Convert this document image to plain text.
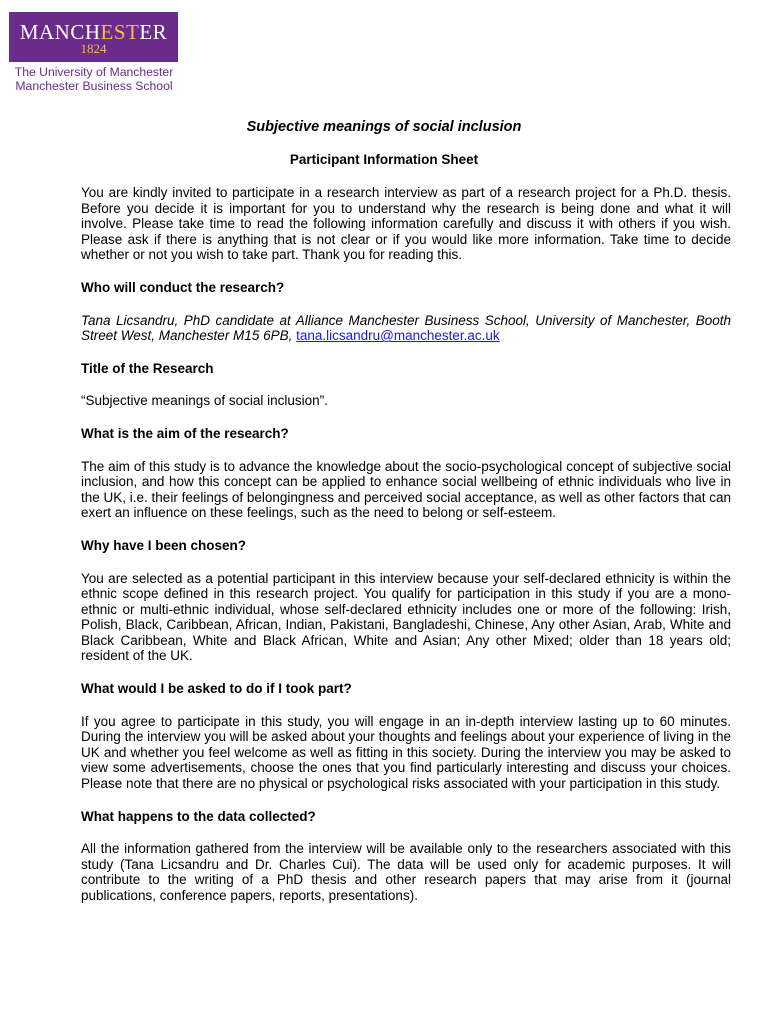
MANCHESTER
1824
The University of Manchester
Manchester Business School
Subjective meanings of social inclusion
Participant Information Sheet

You are kindly invited to participate in a research interview as part of a research project for a Ph.D. thesis. Before you decide it is important for you to understand why the research is being done and what it will involve. Please take time to read the following information carefully and discuss it with others if you wish. Please ask if there is anything that is not clear or if you would like more information. Take time to decide whether or not you wish to take part. Thank you for reading this.

Who will conduct the research?

Tana Licsandru, PhD candidate at Alliance Manchester Business School, University of Manchester, Booth Street West, Manchester M15 6PB, tana.licsandru@manchester.ac.uk

Title of the Research

“Subjective meanings of social inclusion”.

What is the aim of the research?

The aim of this study is to advance the knowledge about the socio-psychological concept of subjective social inclusion, and how this concept can be applied to enhance social wellbeing of ethnic individuals who live in the UK, i.e. their feelings of belongingness and perceived social acceptance, as well as other factors that can exert an influence on these feelings, such as the need to belong or self-esteem.

Why have I been chosen?

You are selected as a potential participant in this interview because your self-declared ethnicity is within the ethnic scope defined in this research project. You qualify for participation in this study if you are a mono-ethnic or multi-ethnic individual, whose self-declared ethnicity includes one or more of the following: Irish, Polish, Black, Caribbean, African, Indian, Pakistani, Bangladeshi, Chinese, Any other Asian, Arab, White and Black Caribbean, White and Black African, White and Asian; Any other Mixed; older than 18 years old; resident of the UK.

What would I be asked to do if I took part?

If you agree to participate in this study, you will engage in an in-depth interview lasting up to 60 minutes. During the interview you will be asked about your thoughts and feelings about your experience of living in the UK and whether you feel welcome as well as fitting in this society. During the interview you may be asked to view some advertisements, choose the ones that you find particularly interesting and discuss your choices. Please note that there are no physical or psychological risks associated with your participation in this study.

What happens to the data collected?

All the information gathered from the interview will be available only to the researchers associated with this study (Tana Licsandru and Dr. Charles Cui). The data will be used only for academic purposes. It will contribute to the writing of a PhD thesis and other research papers that may arise from it (journal publications, conference papers, reports, presentations).
